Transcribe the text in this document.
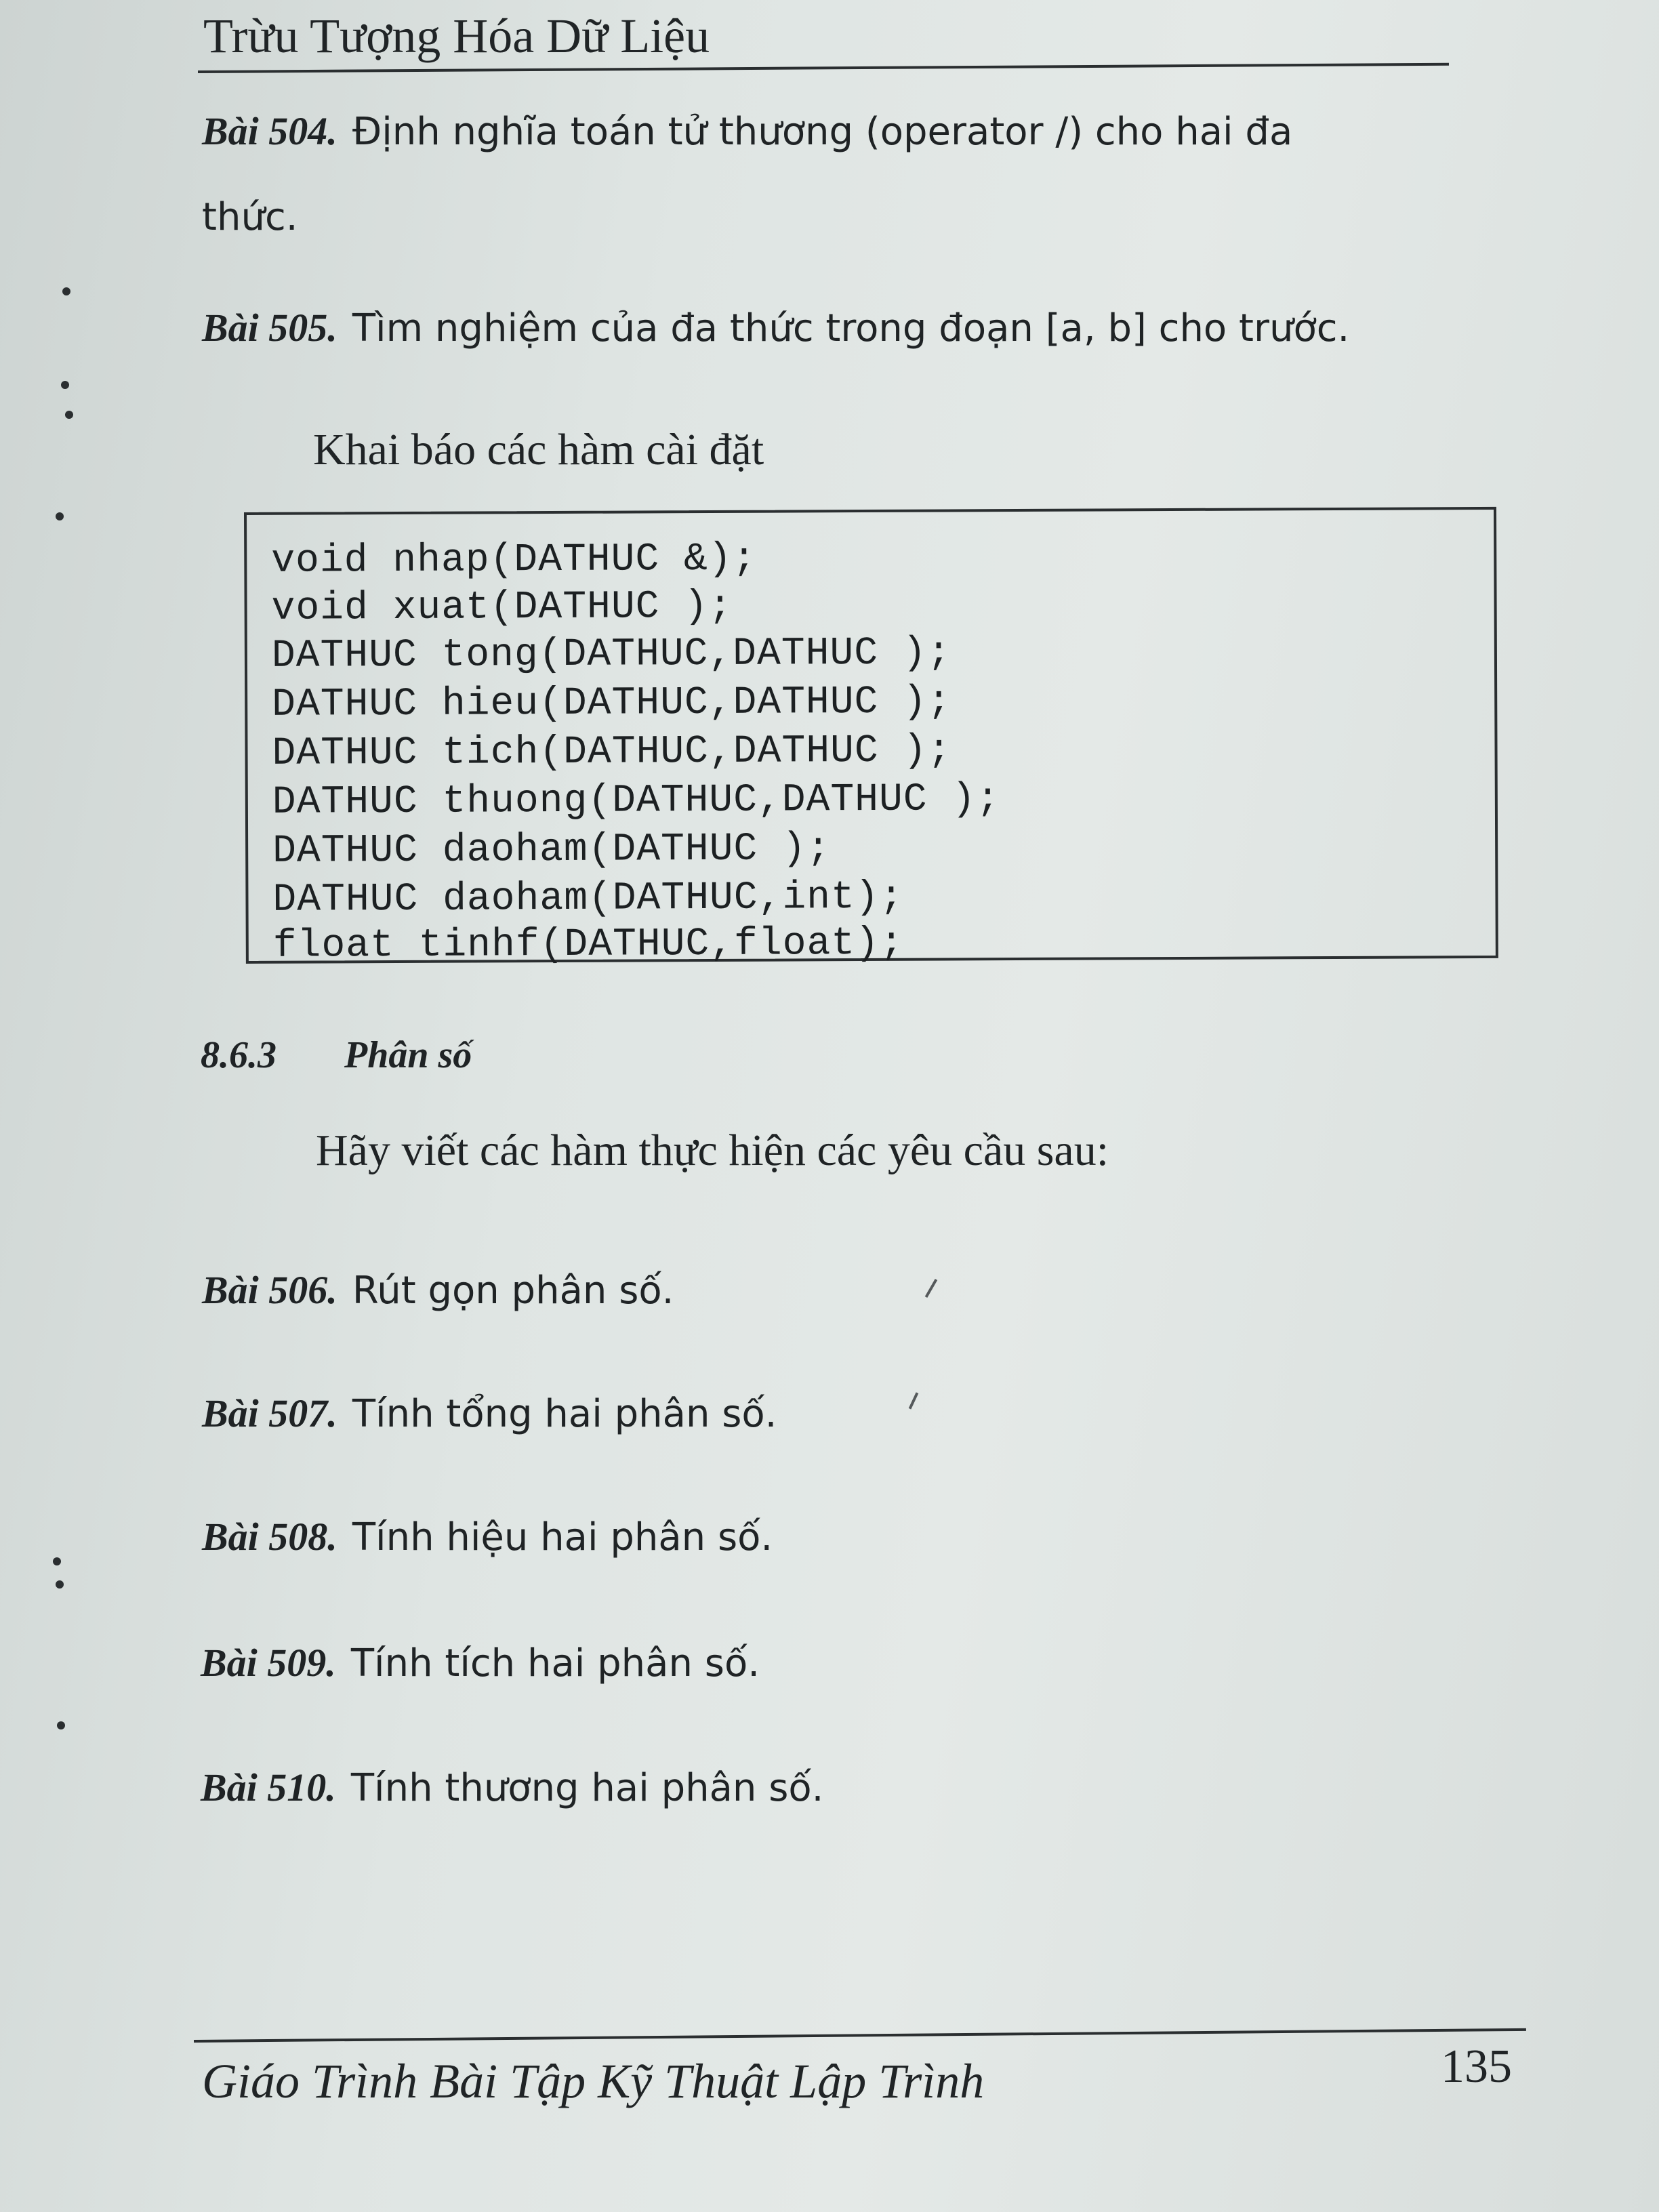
Trừu Tượng Hóa Dữ Liệu
Bài 504. Định nghĩa toán tử thương (operator /) cho hai đa
thức.
Bài 505. Tìm nghiệm của đa thức trong đoạn [a, b] cho trước.
Khai báo các hàm cài đặt
void nhap(DATHUC &);
void xuat(DATHUC );
DATHUC tong(DATHUC,DATHUC );
DATHUC hieu(DATHUC,DATHUC );
DATHUC tich(DATHUC,DATHUC );
DATHUC thuong(DATHUC,DATHUC );
DATHUC daoham(DATHUC );
DATHUC daoham(DATHUC,int);
float tinhf(DATHUC,float);
8.6.3 Phân số
Hãy viết các hàm thực hiện các yêu cầu sau:
Bài 506. Rút gọn phân số.
Bài 507. Tính tổng hai phân số.
Bài 508. Tính hiệu hai phân số.
Bài 509. Tính tích hai phân số.
Bài 510. Tính thương hai phân số.
Giáo Trình Bài Tập Kỹ Thuật Lập Trình	135
